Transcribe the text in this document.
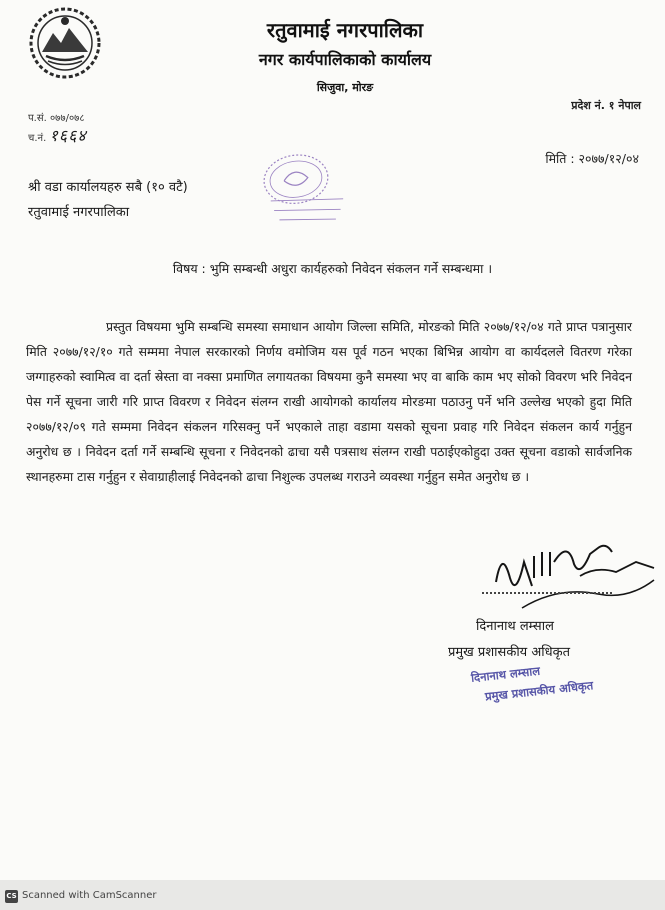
रतुवामाई नगरपालिका
नगर कार्यपालिकाको कार्यालय
सिजुवा, मोरङ
प्रदेश नं. १ नेपाल
प.सं. ०७७/०७८
च.नं. १६६४
मिति : २०७७/१२/०४
श्री वडा कार्यालयहरु सबै (१० वटै)
रतुवामाई नगरपालिका
विषय : भुमि सम्बन्धी अधुरा कार्यहरुको निवेदन संकलन गर्ने सम्बन्धमा ।

प्रस्तुत विषयमा भुमि सम्बन्धि समस्या समाधान आयोग जिल्ला समिति, मोरङको मिति २०७७/१२/०४ गते प्राप्त पत्रानुसार मिति २०७७/१२/१० गते सम्ममा नेपाल सरकारको निर्णय वमोजिम यस पूर्व गठन भएका बिभिन्न आयोग वा कार्यदलले वितरण गरेका जग्गाहरुको स्वामित्व वा दर्ता स्रेस्ता वा नक्सा प्रमाणित लगायतका विषयमा कुनै समस्या भए वा बाकि काम भए सोको विवरण भरि निवेदन पेस गर्ने सूचना जारी गरि प्राप्त विवरण र निवेदन संलग्न राखी आयोगको कार्यालय मोरङमा पठाउनु पर्ने भनि उल्लेख भएको हुदा मिति २०७७/१२/०९ गते सम्ममा निवेदन संकलन गरिसक्नु पर्ने भएकाले ताहा वडामा यसको सूचना प्रवाह गरि निवेदन संकलन कार्य गर्नुहुन अनुरोध छ । निवेदन दर्ता गर्ने सम्बन्धि सूचना र निवेदनको ढाचा यसै पत्रसाथ संलग्न राखी पठाईएकोहुदा उक्त सूचना वडाको सार्वजनिक स्थानहरुमा टास गर्नुहुन र सेवाग्राहीलाई निवेदनको ढाचा निशुल्क उपलब्ध गराउने व्यवस्था गर्नुहुन समेत अनुरोध छ ।

दिनानाथ लम्साल
प्रमुख प्रशासकीय अधिकृत
दिनानाथ लम्साल
प्रमुख प्रशासकीय अधिकृत
CS Scanned with CamScanner
